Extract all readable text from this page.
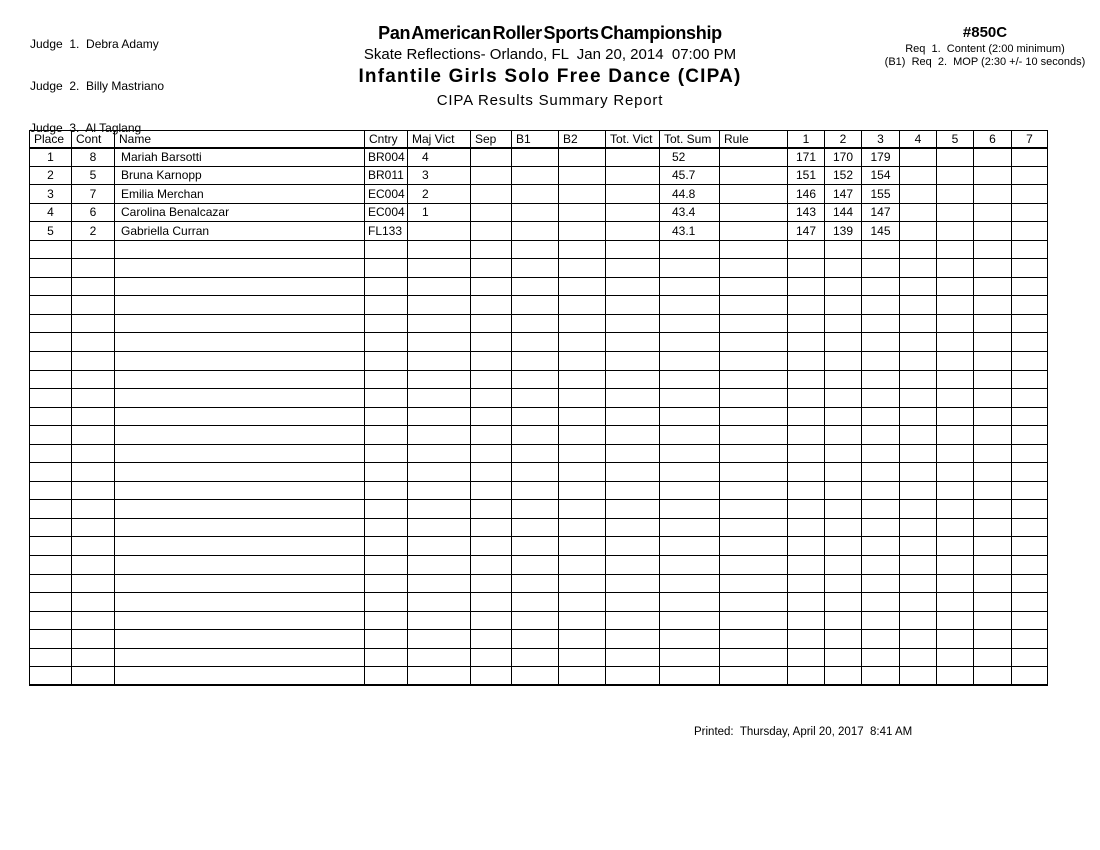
Judge  1.  Debra Adamy

Judge  2.  Billy Mastriano

Judge  3.  Al Taglang

Pan American Roller Sports Championship
Skate Reflections- Orlando, FL  Jan 20, 2014  07:00 PM
Infantile Girls Solo Free Dance (CIPA)
CIPA Results Summary Report
#850C
Req  1.  Content (2:00 minimum)
(B1)  Req  2.  MOP (2:30 +/- 10 seconds)
Place	Cont	Name	Cntry	Maj Vict	Sep	B1	B2	Tot. Vict	Tot. Sum	Rule	1	2	3	4	5	6	7
1	8	Mariah Barsotti	BR004	4					52		171	170	179				
2	5	Bruna Karnopp	BR011	3					45.7		151	152	154				
3	7	Emilia Merchan	EC004	2					44.8		146	147	155				
4	6	Carolina Benalcazar	EC004	1					43.4		143	144	147				
5	2	Gabriella Curran	FL133						43.1		147	139	145				

Printed:  Thursday, April 20, 2017  8:41 AM
